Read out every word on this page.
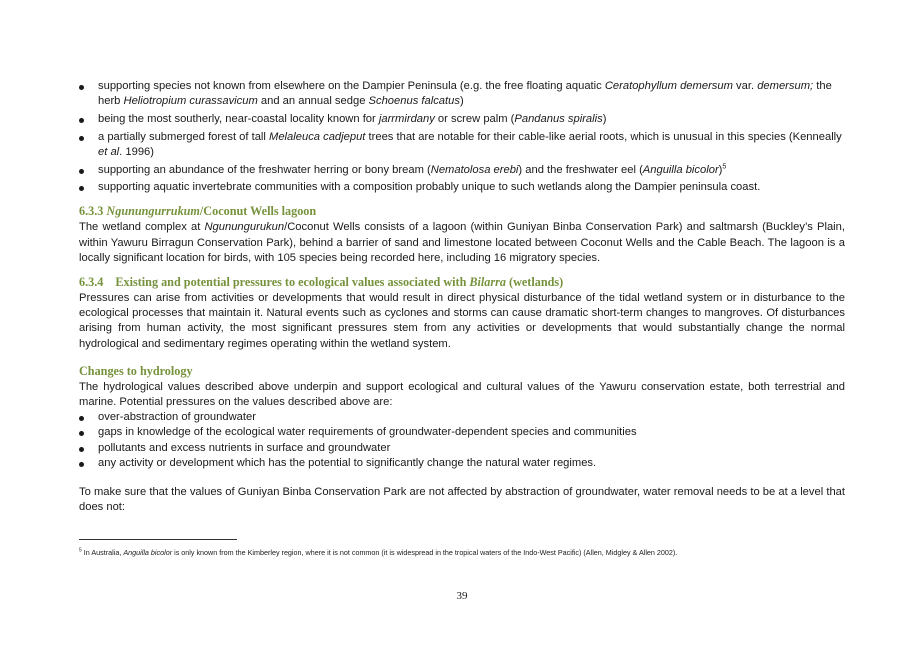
supporting species not known from elsewhere on the Dampier Peninsula (e.g. the free floating aquatic Ceratophyllum demersum var. demersum; the herb Heliotropium curassavicum and an annual sedge Schoenus falcatus)
being the most southerly, near-coastal locality known for jarrmirdany or screw palm (Pandanus spiralis)
a partially submerged forest of tall Melaleuca cadjeput trees that are notable for their cable-like aerial roots, which is unusual in this species (Kenneally et al. 1996)
supporting an abundance of the freshwater herring or bony bream (Nematolosa erebi) and the freshwater eel (Anguilla bicolor)$^5$
supporting aquatic invertebrate communities with a composition probably unique to such wetlands along the Dampier peninsula coast.
6.3.3 Ngunungurrukum/Coconut Wells lagoon

The wetland complex at Ngunungurukun/Coconut Wells consists of a lagoon (within Guniyan Binba Conservation Park) and saltmarsh (Buckley’s Plain, within Yawuru Birragun Conservation Park), behind a barrier of sand and limestone located between Coconut Wells and the Cable Beach. The lagoon is a locally significant location for birds, with 105 species being recorded here, including 16 migratory species.

6.3.4 Existing and potential pressures to ecological values associated with Bilarra (wetlands)

Pressures can arise from activities or developments that would result in direct physical disturbance of the tidal wetland system or in disturbance to the ecological processes that maintain it. Natural events such as cyclones and storms can cause dramatic short-term changes to mangroves. Of disturbances arising from human activity, the most significant pressures stem from any activities or developments that would substantially change the normal hydrological and sedimentary regimes operating within the wetland system.

Changes to hydrology

The hydrological values described above underpin and support ecological and cultural values of the Yawuru conservation estate, both terrestrial and marine. Potential pressures on the values described above are:

over-abstraction of groundwater
gaps in knowledge of the ecological water requirements of groundwater-dependent species and communities
pollutants and excess nutrients in surface and groundwater
any activity or development which has the potential to significantly change the natural water regimes.

To make sure that the values of Guniyan Binba Conservation Park are not affected by abstraction of groundwater, water removal needs to be at a level that does not:

$^5$ In Australia, Anguilla bicolor is only known from the Kimberley region, where it is not common (it is widespread in the tropical waters of the Indo-West Pacific) (Allen, Midgley & Allen 2002).
39
